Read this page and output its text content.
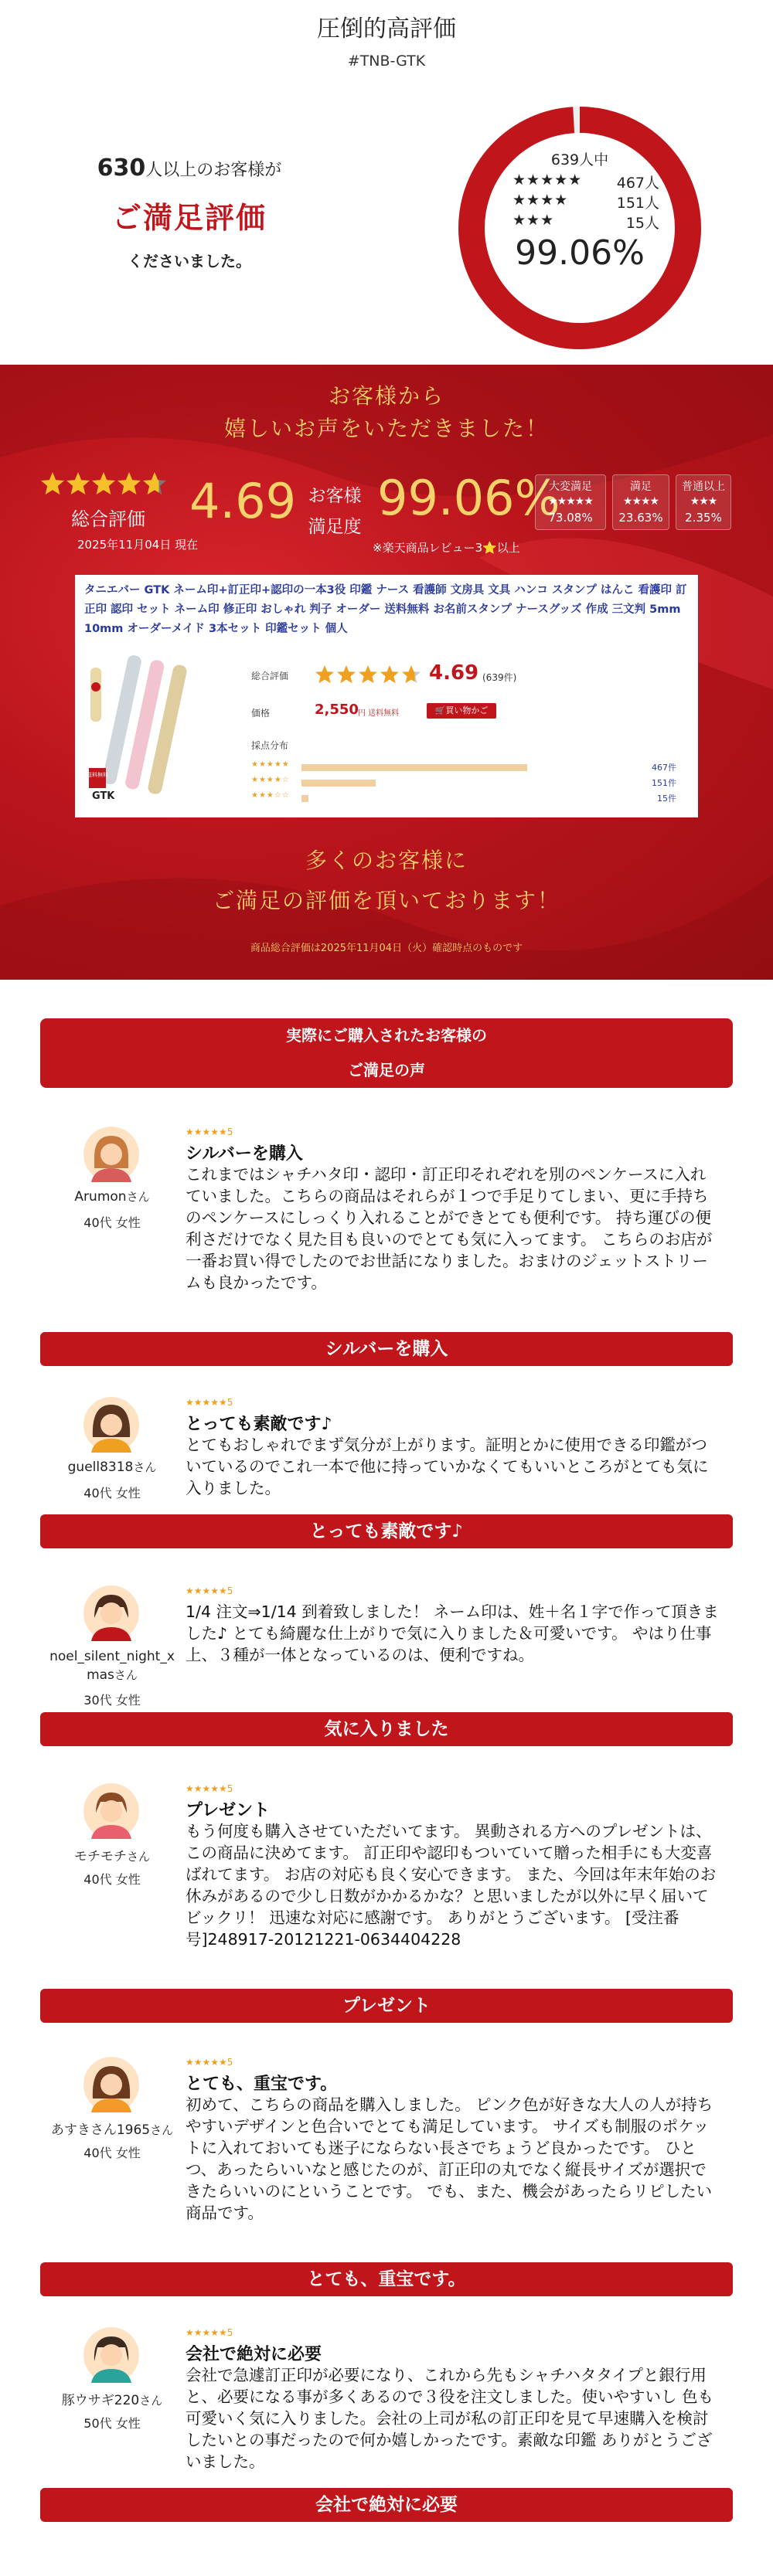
圧倒的高評価
#TNB-GTK
630人以上のお客様が
ご満足評価
くださいました。
639人中
★★★★★ 467人
★★★★	151人
★★★	15人
99.06%
お客様から
嬉しいお声をいただきました！
総合評価
2025年11月04日 現在
4.69 お客様
満足度
99.06%
大変満足
★★★★★
73.08%
満足
★★★★
23.63%
普通以上
★★★
2.35%
※楽天商品レビュー3⭐以上
タニエバー GTK ネーム印+訂正印+認印の一本3役 印鑑 ナース 看護師 文房具 文具 ハンコ スタンプ はんこ 看護印 訂正印 認印 セット ネーム印 修正印 おしゃれ 判子 オーダー 送料無料 お名前スタンプ ナースグッズ 作成 三文判 5mm 10mm オーダーメイド 3本セット 印鑑セット 個人
送料無料
GTK
総合評価	4.69 (639件)
価格	2,550 円 送料無料	🛒買い物かご
採点分布
★★★★★	467件
★★★★☆	151件
★★★☆☆	15件
多くのお客様に
ご満足の評価を頂いております！
商品総合評価は2025年11月04日（火）確認時点のものです
実際にご購入されたお客様の
ご満足の声
Arumonさん
40代 女性
★★★★★5
シルバーを購入
これまではシャチハタ印・認印・訂正印それぞれを別のペンケースに入れていました。こちらの商品はそれらが１つで手足りてしまい、更に手持ちのペンケースにしっくり入れることができとても便利です。 持ち運びの便利さだけでなく見た目も良いのでとても気に入ってます。 こちらのお店が一番お買い得でしたのでお世話になりました。おまけのジェットストリームも良かったです。
シルバーを購入
guell8318さん
40代 女性
★★★★★5
とっても素敵です♪
とてもおしゃれでまず気分が上がります。証明とかに使用できる印鑑がついているのでこれ一本で他に持っていかなくてもいいところがとても気に入りました。
とっても素敵です♪
noel_silent_night_x
masさん
30代 女性
★★★★★5
1/4 注文⇒1/14 到着致しました！ ネーム印は、姓＋名１字で作って頂きました♪ とても綺麗な仕上がりで気に入りました＆可愛いです。 やはり仕事上、３種が一体となっているのは、便利ですね。
気に入りました
モチモチさん
40代 女性
★★★★★5
プレゼント
もう何度も購入させていただいてます。 異動される方へのプレゼントは、この商品に決めてます。 訂正印や認印もついていて贈った相手にも大変喜ばれてます。 お店の対応も良く安心できます。 また、今回は年末年始のお休みがあるので少し日数がかかるかな？と思いましたが以外に早く届いてビックリ！ 迅速な対応に感謝です。 ありがとうございます。 [受注番号]248917-20121221-0634404228
プレゼント
あすきさん1965さん
40代 女性
★★★★★5
とても、重宝です。
初めて、こちらの商品を購入しました。 ピンク色が好きな大人の人が持ちやすいデザインと色合いでとても満足しています。 サイズも制服のポケットに入れておいても迷子にならない長さでちょうど良かったです。 ひとつ、あったらいいなと感じたのが、訂正印の丸でなく縦長サイズが選択できたらいいのにということです。 でも、また、機会があったらリピしたい商品です。
とても、重宝です。
豚ウサギ220さん
50代 女性
★★★★★5
会社で絶対に必要
会社で急遽訂正印が必要になり、これから先もシャチハタタイプと銀行用と、必要になる事が多くあるので３役を注文しました。使いやすいし 色も可愛いく気に入りました。会社の上司が私の訂正印を見て早速購入を検討したいとの事だったので何か嬉しかったです。素敵な印鑑 ありがとうございました。
会社で絶対に必要
